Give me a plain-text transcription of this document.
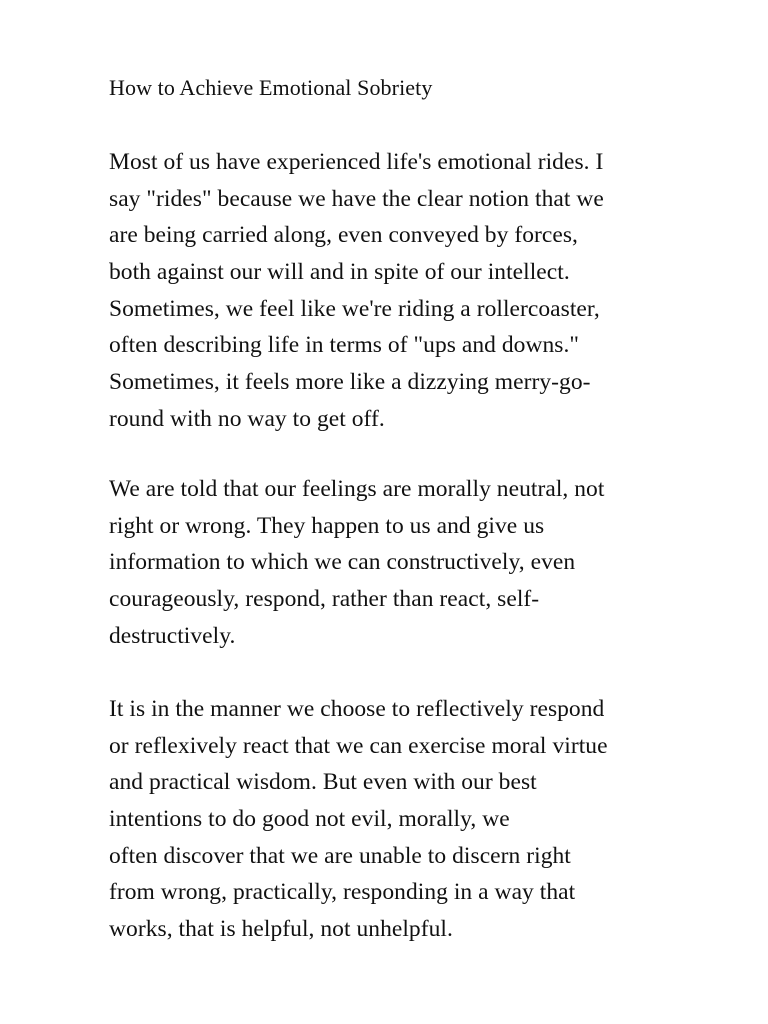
How to Achieve Emotional Sobriety
Most of us have experienced life's emotional rides. I
say "rides" because we have the clear notion that we
are being carried along, even conveyed by forces,
both against our will and in spite of our intellect.
Sometimes, we feel like we're riding a rollercoaster,
often describing life in terms of "ups and downs."
Sometimes, it feels more like a dizzying merry-go-
round with no way to get off.
We are told that our feelings are morally neutral, not
right or wrong. They happen to us and give us
information to which we can constructively, even
courageously, respond, rather than react, self-
destructively.
It is in the manner we choose to reflectively respond
or reflexively react that we can exercise moral virtue
and practical wisdom. But even with our best
intentions to do good not evil, morally, we
often discover that we are unable to discern right
from wrong, practically, responding in a way that
works, that is helpful, not unhelpful.
